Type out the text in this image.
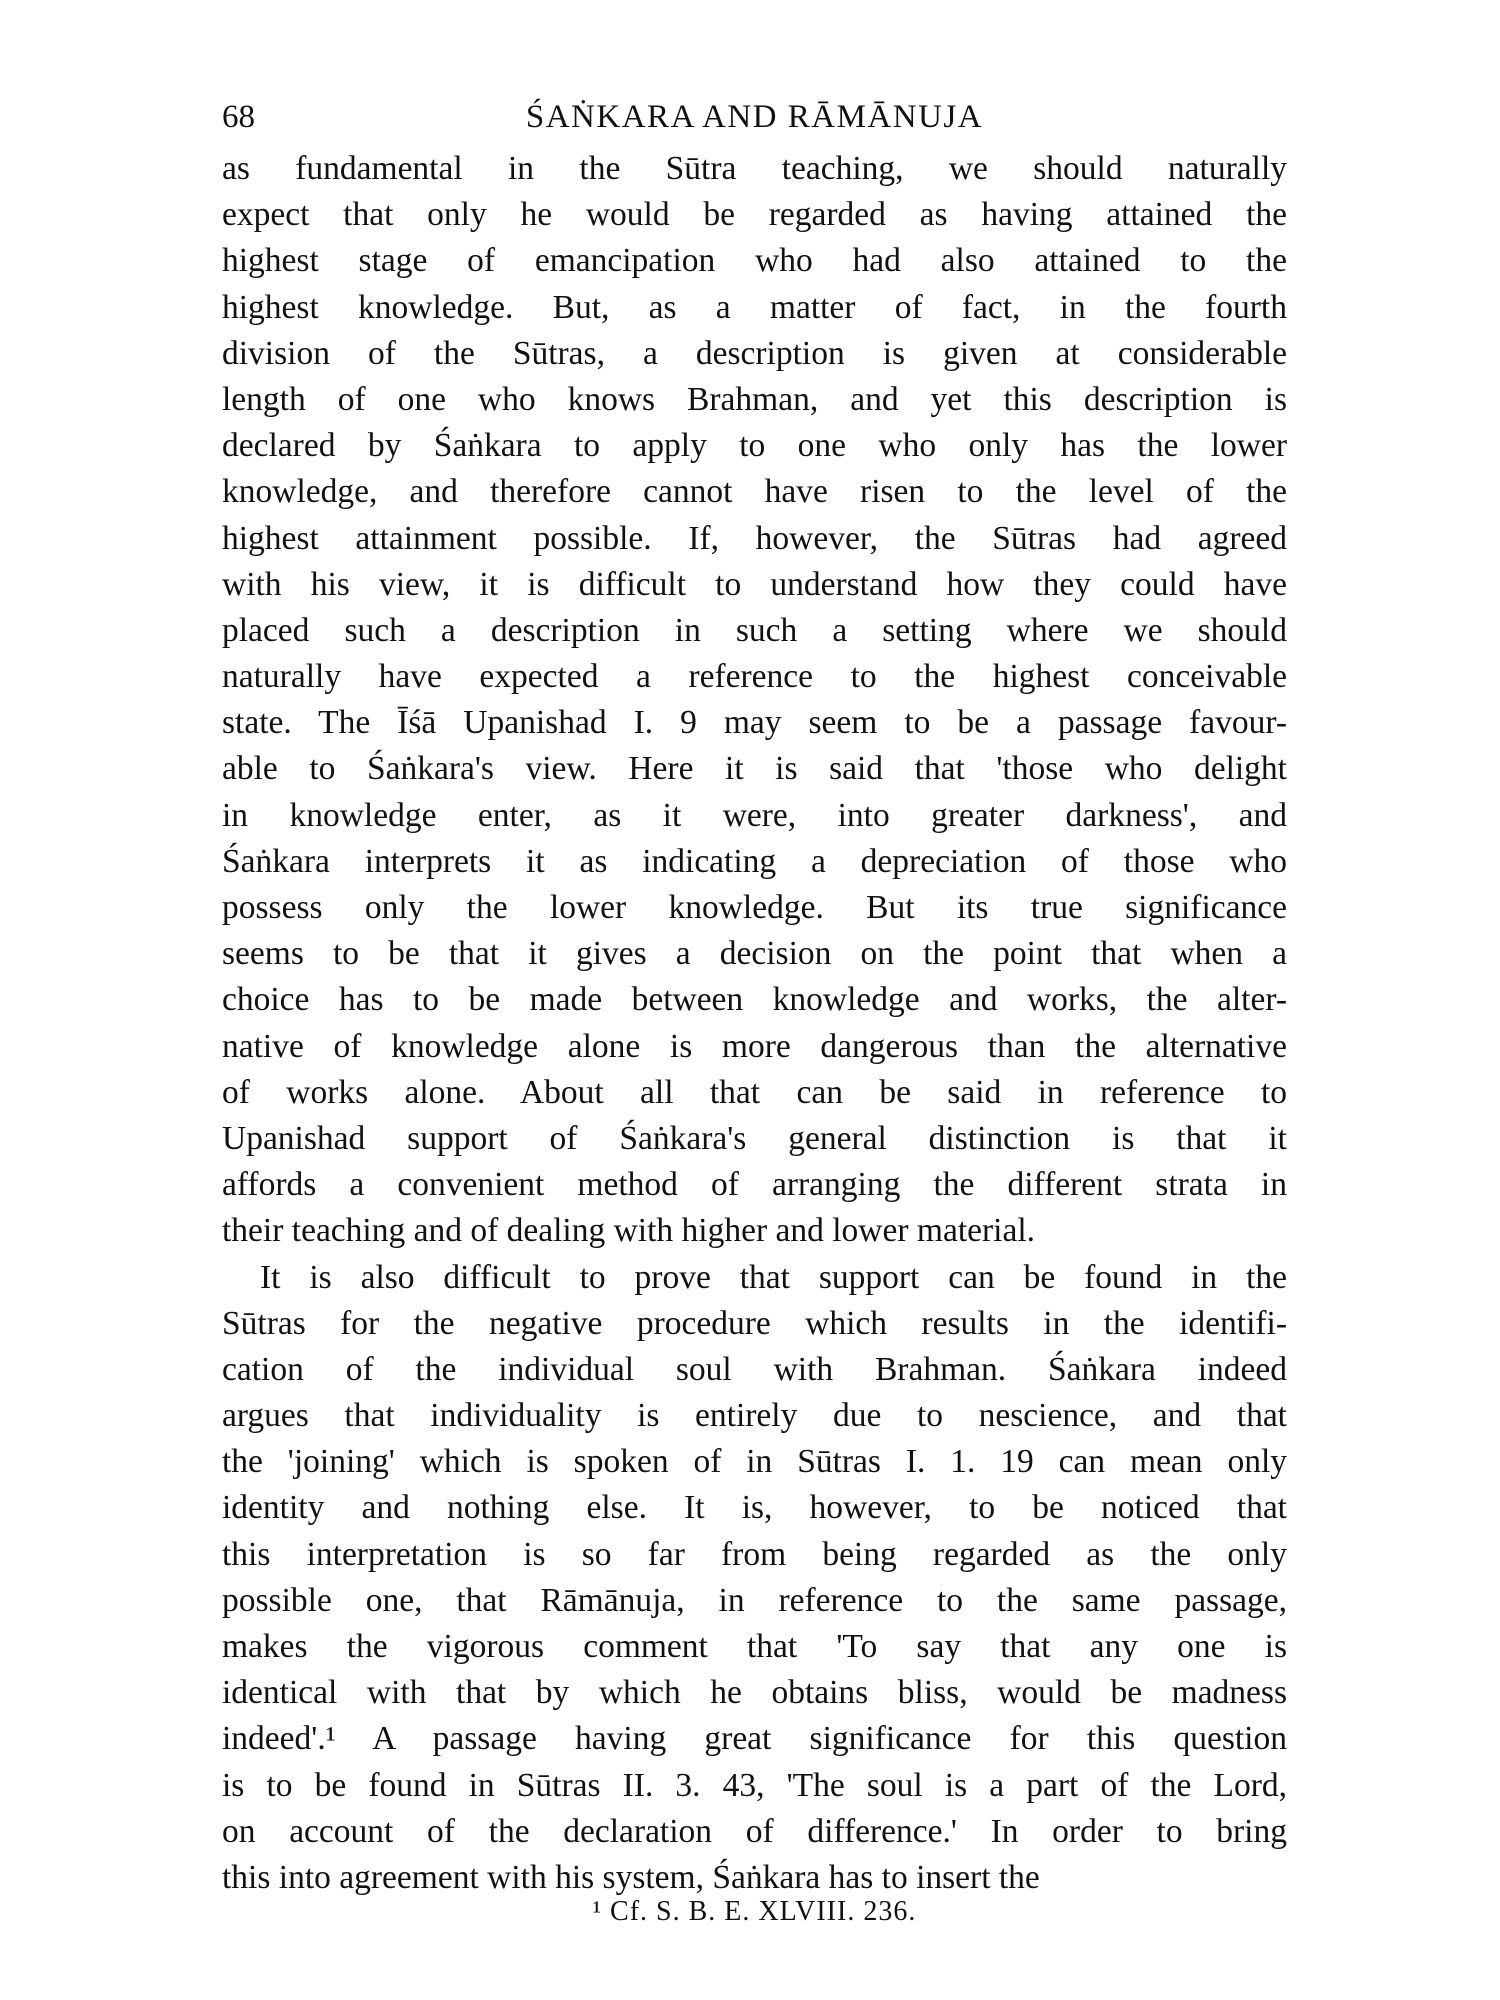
68	ŚAṄKARA AND RĀMĀNUJA
as fundamental in the Sūtra teaching, we should naturally
expect that only he would be regarded as having attained the
highest stage of emancipation who had also attained to the
highest knowledge. But, as a matter of fact, in the fourth
division of the Sūtras, a description is given at considerable
length of one who knows Brahman, and yet this description is
declared by Śaṅkara to apply to one who only has the lower
knowledge, and therefore cannot have risen to the level of the
highest attainment possible. If, however, the Sūtras had agreed
with his view, it is difficult to understand how they could have
placed such a description in such a setting where we should
naturally have expected a reference to the highest conceivable
state. The Īśā Upanishad I. 9 may seem to be a passage favour-
able to Śaṅkara's view. Here it is said that 'those who delight
in knowledge enter, as it were, into greater darkness', and
Śaṅkara interprets it as indicating a depreciation of those who
possess only the lower knowledge. But its true significance
seems to be that it gives a decision on the point that when a
choice has to be made between knowledge and works, the alter-
native of knowledge alone is more dangerous than the alternative
of works alone. About all that can be said in reference to
Upanishad support of Śaṅkara's general distinction is that it
affords a convenient method of arranging the different strata in
their teaching and of dealing with higher and lower material.
It is also difficult to prove that support can be found in the
Sūtras for the negative procedure which results in the identifi-
cation of the individual soul with Brahman. Śaṅkara indeed
argues that individuality is entirely due to nescience, and that
the 'joining' which is spoken of in Sūtras I. 1. 19 can mean only
identity and nothing else. It is, however, to be noticed that
this interpretation is so far from being regarded as the only
possible one, that Rāmānuja, in reference to the same passage,
makes the vigorous comment that 'To say that any one is
identical with that by which he obtains bliss, would be madness
indeed'.¹ A passage having great significance for this question
is to be found in Sūtras II. 3. 43, 'The soul is a part of the Lord,
on account of the declaration of difference.' In order to bring
this into agreement with his system, Śaṅkara has to insert the
¹ Cf. S. B. E. XLVIII. 236.
